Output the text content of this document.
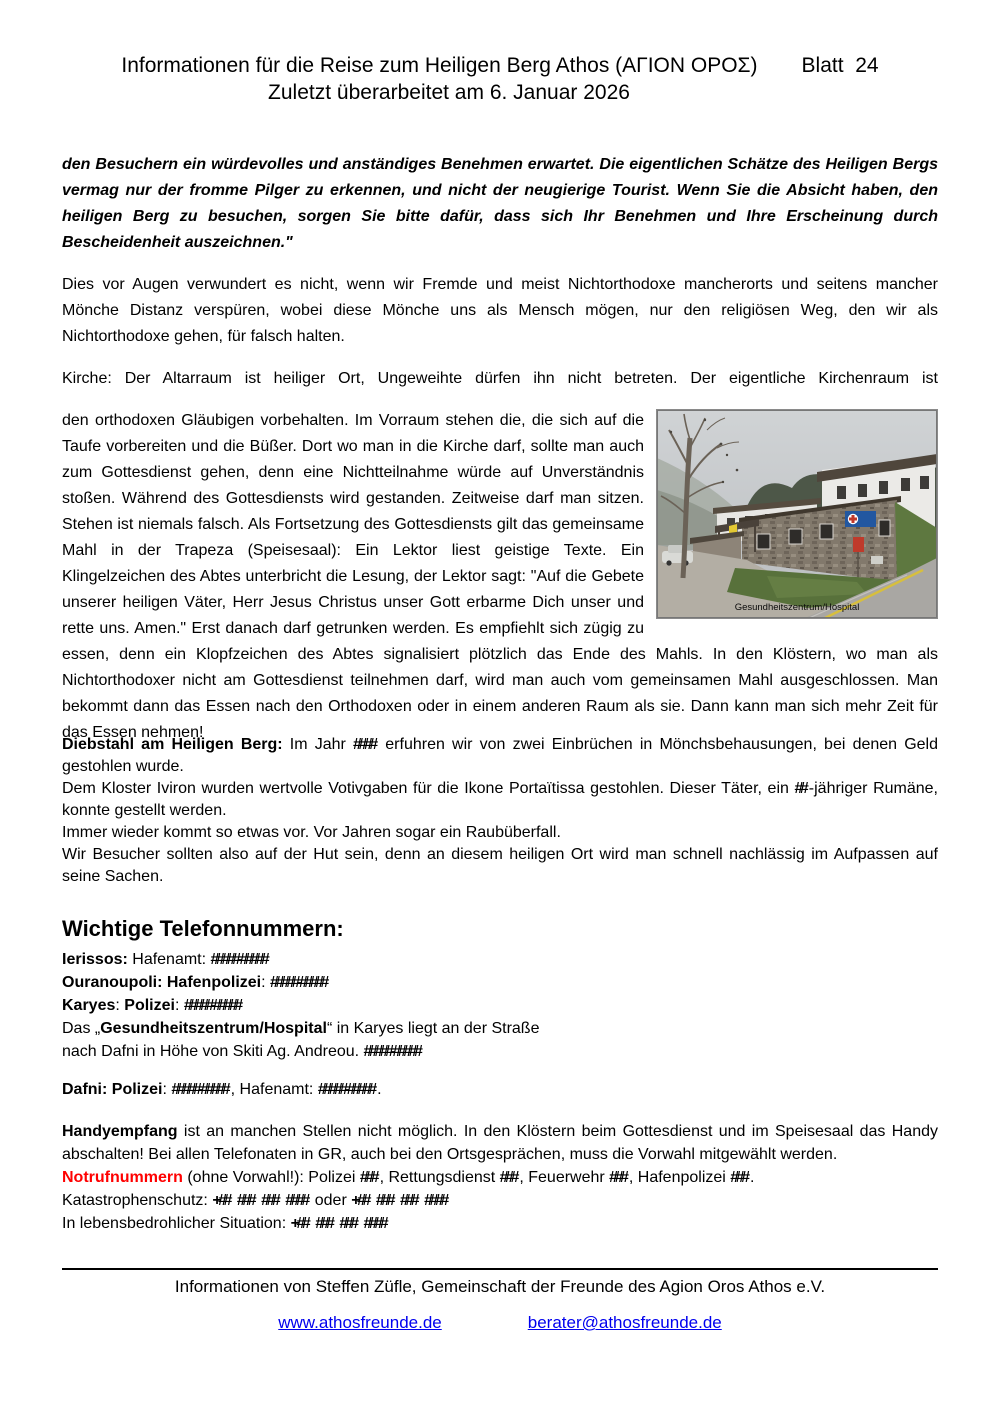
Informationen für die Reise zum Heiligen Berg Athos (ΑΓΙΟΝ ΟΡΟΣ) Blatt  24
Zuletzt überarbeitet am 6. Januar 2026

den Besuchern ein würdevolles und anständiges Benehmen erwartet. Die eigentlichen Schätze des Heiligen Bergs vermag nur der fromme Pilger zu erkennen, und nicht der neugierige Tourist. Wenn Sie die Absicht haben, den heiligen Berg zu besuchen, sorgen Sie bitte dafür, dass sich Ihr Benehmen und Ihre Erscheinung durch Bescheidenheit auszeichnen."

Dies vor Augen verwundert es nicht, wenn wir Fremde und meist Nichtorthodoxe mancherorts und seitens mancher Mönche Distanz verspüren, wobei diese Mönche uns als Mensch mögen, nur den religiösen Weg, den wir als Nichtorthodoxe gehen, für falsch halten.

Kirche: Der Altarraum ist heiliger Ort, Ungeweihte dürfen ihn nicht betreten. Der eigentliche Kirchenraum ist

Gesundheitszentrum/Hospital
den orthodoxen Gläubigen vorbehalten. Im Vorraum stehen die, die sich auf die Taufe vorbereiten und die Büßer. Dort wo man in die Kirche darf, sollte man auch zum Gottesdienst gehen, denn eine Nichtteilnahme würde auf Unverständnis stoßen. Während des Gottesdiensts wird gestanden. Zeitweise darf man sitzen. Stehen ist niemals falsch. Als Fortsetzung des Gottesdiensts gilt das gemeinsame Mahl in der Trapeza (Speisesaal): Ein Lektor liest geistige Texte. Ein Klingelzeichen des Abtes unterbricht die Lesung, der Lektor sagt: "Auf die Gebete unserer heiligen Väter, Herr Jesus Christus unser Gott erbarme Dich unser und rette uns. Amen." Erst danach darf getrunken werden. Es empfiehlt sich zügig zu essen, denn ein Klopfzeichen des Abtes signalisiert plötzlich das Ende des Mahls. In den Klöstern, wo man als Nichtorthodoxer nicht am Gottesdienst teilnehmen darf, wird man auch vom gemeinsamen Mahl ausgeschlossen. Man bekommt dann das Essen nach den Orthodoxen oder in einem anderen Raum als sie. Dann kann man sich mehr Zeit für das Essen nehmen!
Diebstahl am Heiligen Berg: Im Jahr #### erfuhren wir von zwei Einbrüchen in Mönchsbehausungen, bei denen Geld gestohlen wurde.
Dem Kloster Iviron wurden wertvolle Votivgaben für die Ikone Portaïtissa gestohlen. Dieser Täter, ein ## -jähriger Rumäne, konnte gestellt werden.
Immer wieder kommt so etwas vor. Vor Jahren sogar ein Raubüberfall.
Wir Besucher sollten also auf der Hut sein, denn an diesem heiligen Ort wird man schnell nachlässig im Aufpassen auf seine Sachen.
Wichtige Telefonnummern:
Ierissos: Hafenamt: #####-#####
Ouranoupoli: Hafenpolizei: #####-#####
Karyes: Polizei: #####-#####
Das „Gesundheitszentrum/Hospital“ in Karyes liegt an der Straße
nach Dafni in Höhe von Skiti Ag. Andreou. #####-#####
Dafni: Polizei: #####-##### , Hafenamt: #####-##### .
Handyempfang ist an manchen Stellen nicht möglich. In den Klöstern beim Gottesdienst und im Speisesaal das Handy abschalten! Bei allen Telefonaten in GR, auch bei den Ortsgesprächen, muss die Vorwahl mitgewählt werden.
Notrufnummern (ohne Vorwahl!): Polizei ### , Rettungsdienst ### , Feuerwehr ### , Hafenpolizei ### .
Katastrophenschutz: +## ### ### #### oder +## ### ### ####
In lebensbedrohlicher Situation: +## ### ### ####
Informationen von Steffen Züfle, Gemeinschaft der Freunde des Agion Oros Athos e.V.
www.athosfreunde.de	berater@athosfreunde.de
